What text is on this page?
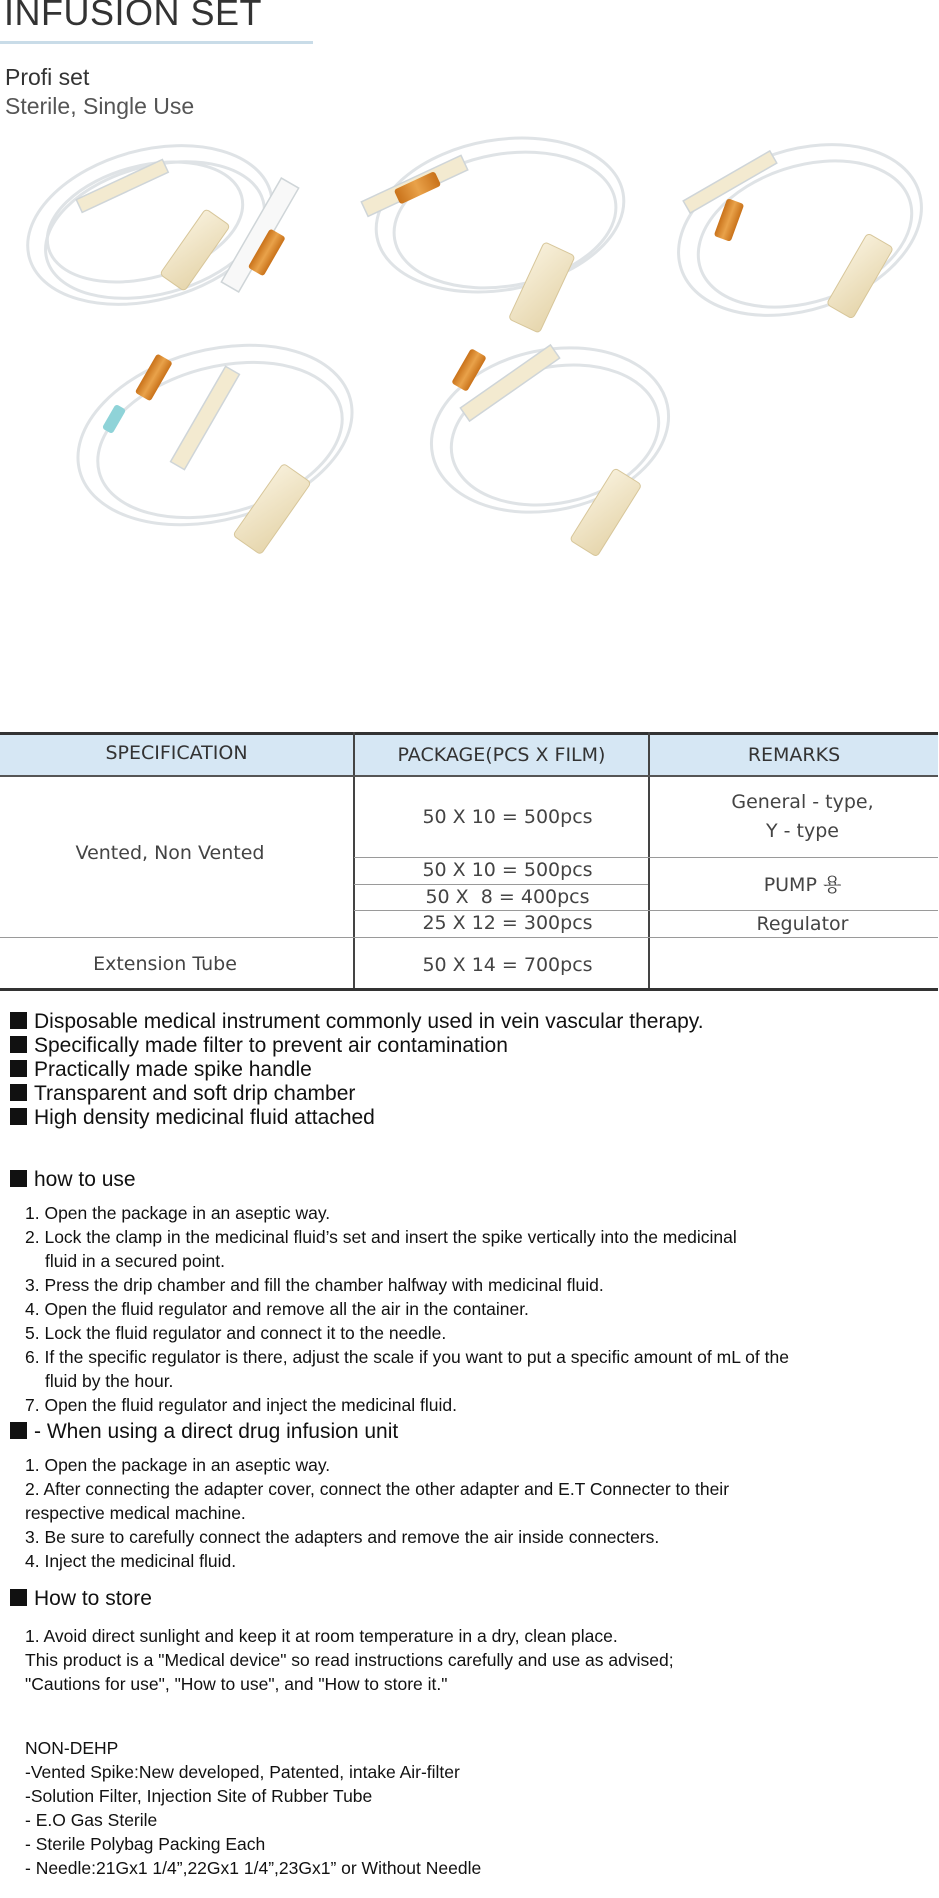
INFUSION SET
Profi set
Sterile, Single Use
SPECIFICATION	PACKAGE(PCS X FILM)	REMARKS
Vented, Non Vented
Extension Tube
50 X 10 = 500pcs
50 X 10 = 500pcs
50 X  8 = 400pcs
25 X 12 = 300pcs
50 X 14 = 700pcs
General - type,
Y - type
PUMP 용
Regulator
Disposable medical instrument commonly used in vein vascular therapy.
Specifically made filter to prevent air contamination
Practically made spike handle
Transparent and soft drip chamber
High density medicinal fluid attached
how to use
1. Open the package in an aseptic way.
2. Lock the clamp in the medicinal fluid’s set and insert the spike vertically into the medicinal
fluid in a secured point.
3. Press the drip chamber and fill the chamber halfway with medicinal fluid.
4. Open the fluid regulator and remove all the air in the container.
5. Lock the fluid regulator and connect it to the needle.
6. If the specific regulator is there, adjust the scale if you want to put a specific amount of mL of the
fluid by the hour.
7. Open the fluid regulator and inject the medicinal fluid.
- When using a direct drug infusion unit
1. Open the package in an aseptic way.
2. After connecting the adapter cover, connect the other adapter and E.T Connecter to their
respective medical machine.
3. Be sure to carefully connect the adapters and remove the air inside connecters.
4. Inject the medicinal fluid.
How to store
1. Avoid direct sunlight and keep it at room temperature in a dry, clean place.
This product is a "Medical device" so read instructions carefully and use as advised;
"Cautions for use", "How to use", and "How to store it."
NON-DEHP
-Vented Spike:New developed, Patented, intake Air-filter
-Solution Filter, Injection Site of Rubber Tube
- E.O Gas Sterile
- Sterile Polybag Packing Each
- Needle:21Gx1 1/4”,22Gx1 1/4”,23Gx1” or Without Needle
